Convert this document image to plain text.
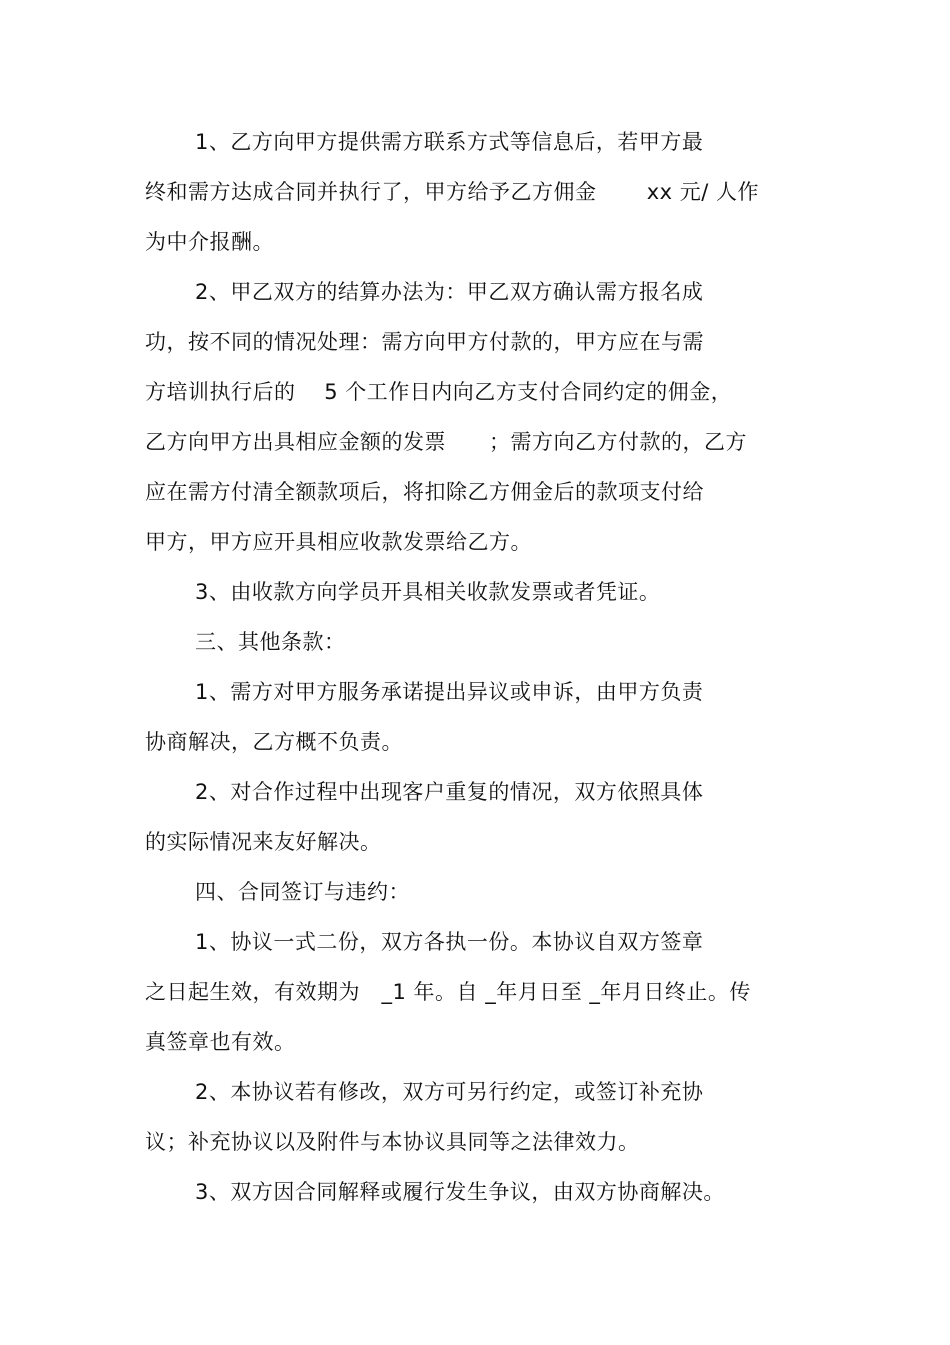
1、乙方向甲方提供需方联系方式等信息后，若甲方最
终和需方达成合同并执行了，甲方给予乙方佣金       xx 元/ 人作
为中介报酬。
2、甲乙双方的结算办法为：甲乙双方确认需方报名成
功，按不同的情况处理：需方向甲方付款的，甲方应在与需
方培训执行后的    5 个工作日内向乙方支付合同约定的佣金，
乙方向甲方出具相应金额的发票      ；需方向乙方付款的，乙方
应在需方付清全额款项后，将扣除乙方佣金后的款项支付给
甲方，甲方应开具相应收款发票给乙方。
3、由收款方向学员开具相关收款发票或者凭证。
三、其他条款：
1、需方对甲方服务承诺提出异议或申诉，由甲方负责
协商解决，乙方概不负责。
2、对合作过程中出现客户重复的情况，双方依照具体
的实际情况来友好解决。
四、合同签订与违约：
1、协议一式二份，双方各执一份。本协议自双方签章
之日起生效，有效期为   _1 年。自 _年月日至 _年月日终止。传
真签章也有效。
2、本协议若有修改，双方可另行约定，或签订补充协
议；补充协议以及附件与本协议具同等之法律效力。
3、双方因合同解释或履行发生争议，由双方协商解决。
